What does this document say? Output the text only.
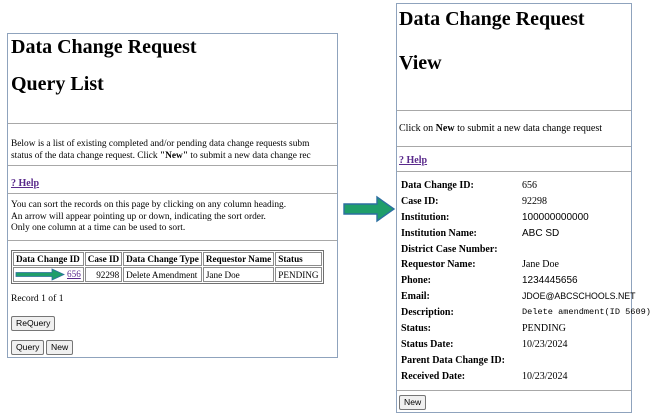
Data Change Request
Query List
Below is a list of existing completed and/or pending data change requests subm
status of the data change request. Click "New" to submit a new data change rec
? Help
You can sort the records on this page by clicking on any column heading.
An arrow will appear pointing up or down, indicating the sort order.
Only one column at a time can be used to sort.
Data Change ID	Case ID	Data Change Type	Requestor Name	Status
656	92298	Delete Amendment	Jane Doe	PENDING
Record 1 of 1
ReQuery
Query	New
Data Change Request
View
Click on New to submit a new data change request
? Help
Data Change ID:	656
Case ID:	92298
Institution:	100000000000
Institution Name:	ABC SD
District Case Number:
Requestor Name:	Jane Doe
Phone:	1234445656
Email:	JDOE@ABCSCHOOLS.NET
Description:	Delete amendment(ID 5609)
Status:	PENDING
Status Date:	10/23/2024
Parent Data Change ID:
Received Date:	10/23/2024
New
